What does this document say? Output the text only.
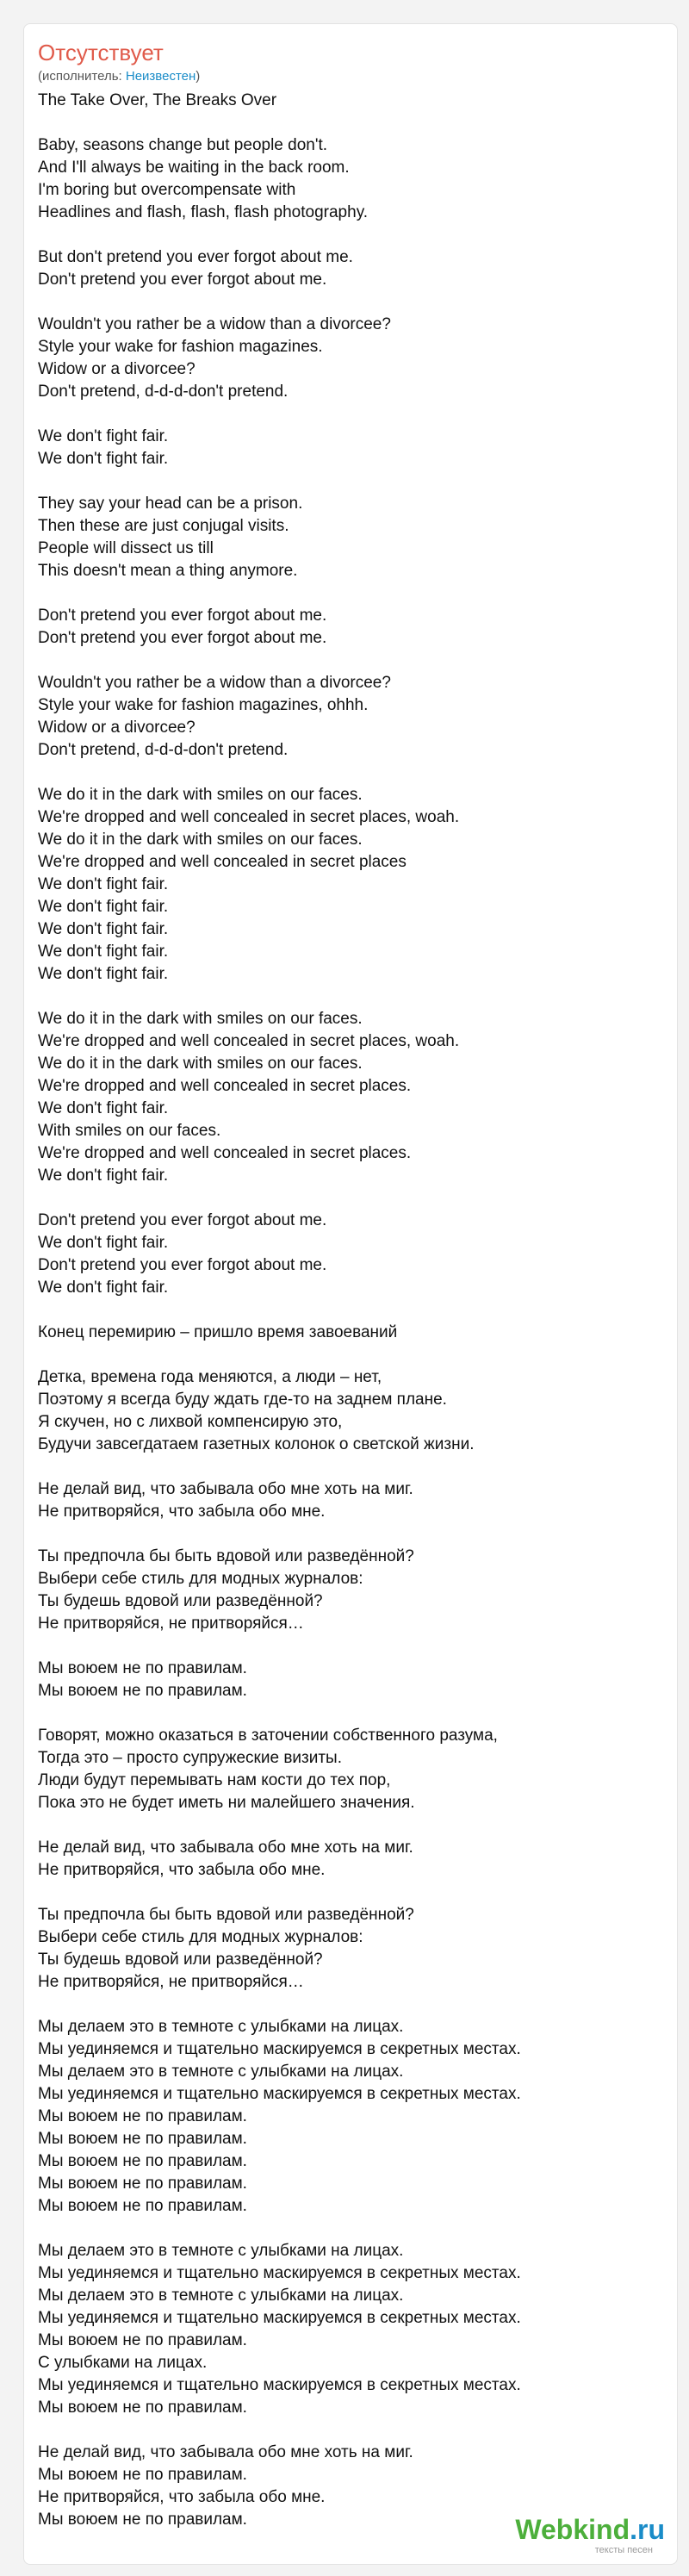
Отсутствует
(исполнитель: Неизвестен)
The Take Over, The Breaks Over
Baby, seasons change but people don't.
And I'll always be waiting in the back room.
I'm boring but overcompensate with
Headlines and flash, flash, flash photography.
But don't pretend you ever forgot about me.
Don't pretend you ever forgot about me.
Wouldn't you rather be a widow than a divorcee?
Style your wake for fashion magazines.
Widow or a divorcee?
Don't pretend, d-d-d-don't pretend.
We don't fight fair.
We don't fight fair.
They say your head can be a prison.
Then these are just conjugal visits.
People will dissect us till
This doesn't mean a thing anymore.
Don't pretend you ever forgot about me.
Don't pretend you ever forgot about me.
Wouldn't you rather be a widow than a divorcee?
Style your wake for fashion magazines, ohhh.
Widow or a divorcee?
Don't pretend, d-d-d-don't pretend.
We do it in the dark with smiles on our faces.
We're dropped and well concealed in secret places, woah.
We do it in the dark with smiles on our faces.
We're dropped and well concealed in secret places
We don't fight fair.
We don't fight fair.
We don't fight fair.
We don't fight fair.
We don't fight fair.
We do it in the dark with smiles on our faces.
We're dropped and well concealed in secret places, woah.
We do it in the dark with smiles on our faces.
We're dropped and well concealed in secret places.
We don't fight fair.
With smiles on our faces.
We're dropped and well concealed in secret places.
We don't fight fair.
Don't pretend you ever forgot about me.
We don't fight fair.
Don't pretend you ever forgot about me.
We don't fight fair.
Конец перемирию – пришло время завоеваний
Детка, времена года меняются, а люди – нет,
Поэтому я всегда буду ждать где-то на заднем плане.
Я скучен, но с лихвой компенсирую это,
Будучи завсегдатаем газетных колонок о светской жизни.
Не делай вид, что забывала обо мне хоть на миг.
Не притворяйся, что забыла обо мне.
Ты предпочла бы быть вдовой или разведённой?
Выбери себе стиль для модных журналов:
Ты будешь вдовой или разведённой?
Не притворяйся, не притворяйся…
Мы воюем не по правилам.
Мы воюем не по правилам.
Говорят, можно оказаться в заточении собственного разума,
Тогда это – просто супружеские визиты.
Люди будут перемывать нам кости до тех пор,
Пока это не будет иметь ни малейшего значения.
Не делай вид, что забывала обо мне хоть на миг.
Не притворяйся, что забыла обо мне.
Ты предпочла бы быть вдовой или разведённой?
Выбери себе стиль для модных журналов:
Ты будешь вдовой или разведённой?
Не притворяйся, не притворяйся…
Мы делаем это в темноте с улыбками на лицах.
Мы уединяемся и тщательно маскируемся в секретных местах.
Мы делаем это в темноте с улыбками на лицах.
Мы уединяемся и тщательно маскируемся в секретных местах.
Мы воюем не по правилам.
Мы воюем не по правилам.
Мы воюем не по правилам.
Мы воюем не по правилам.
Мы воюем не по правилам.
Мы делаем это в темноте с улыбками на лицах.
Мы уединяемся и тщательно маскируемся в секретных местах.
Мы делаем это в темноте с улыбками на лицах.
Мы уединяемся и тщательно маскируемся в секретных местах.
Мы воюем не по правилам.
С улыбками на лицах.
Мы уединяемся и тщательно маскируемся в секретных местах.
Мы воюем не по правилам.
Не делай вид, что забывала обо мне хоть на миг.
Мы воюем не по правилам.
Не притворяйся, что забыла обо мне.
Мы воюем не по правилам.	Webkind.ru
тексты песен
